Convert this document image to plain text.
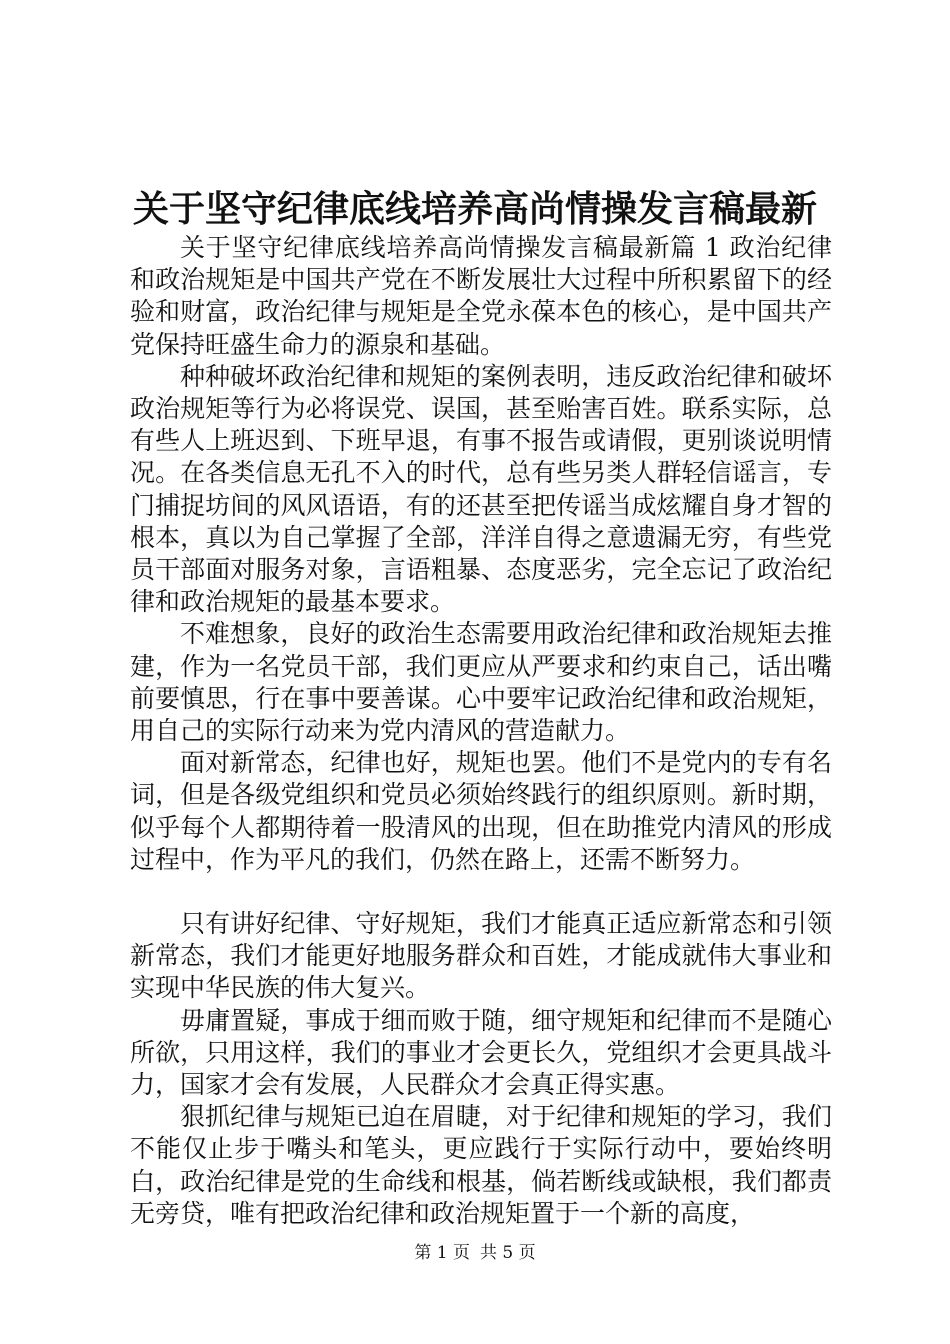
关于坚守纪律底线培养高尚情操发言稿最新

关于坚守纪律底线培养高尚情操发言稿最新篇 1 政治纪律和政治规矩是中国共产党在不断发展壮大过程中所积累留下的经验和财富，政治纪律与规矩是全党永葆本色的核心，是中国共产党保持旺盛生命力的源泉和基础。

种种破坏政治纪律和规矩的案例表明，违反政治纪律和破坏政治规矩等行为必将误党、误国，甚至贻害百姓。联系实际，总有些人上班迟到、下班早退，有事不报告或请假，更别谈说明情况。在各类信息无孔不入的时代，总有些另类人群轻信谣言，专门捕捉坊间的风风语语，有的还甚至把传谣当成炫耀自身才智的根本，真以为自己掌握了全部，洋洋自得之意遗漏无穷，有些党员干部面对服务对象，言语粗暴、态度恶劣，完全忘记了政治纪律和政治规矩的最基本要求。

不难想象，良好的政治生态需要用政治纪律和政治规矩去推建，作为一名党员干部，我们更应从严要求和约束自己，话出嘴前要慎思，行在事中要善谋。心中要牢记政治纪律和政治规矩，用自己的实际行动来为党内清风的营造献力。

面对新常态，纪律也好，规矩也罢。他们不是党内的专有名词，但是各级党组织和党员必须始终践行的组织原则。新时期，似乎每个人都期待着一股清风的出现，但在助推党内清风的形成过程中，作为平凡的我们，仍然在路上，还需不断努力。

只有讲好纪律、守好规矩，我们才能真正适应新常态和引领新常态，我们才能更好地服务群众和百姓，才能成就伟大事业和实现中华民族的伟大复兴。

毋庸置疑，事成于细而败于随，细守规矩和纪律而不是随心所欲，只用这样，我们的事业才会更长久，党组织才会更具战斗力，国家才会有发展，人民群众才会真正得实惠。

狠抓纪律与规矩已迫在眉睫，对于纪律和规矩的学习，我们不能仅止步于嘴头和笔头，更应践行于实际行动中，要始终明白，政治纪律是党的生命线和根基，倘若断线或缺根，我们都责无旁贷，唯有把政治纪律和政治规矩置于一个新的高度，

第 1 页 共 5 页
